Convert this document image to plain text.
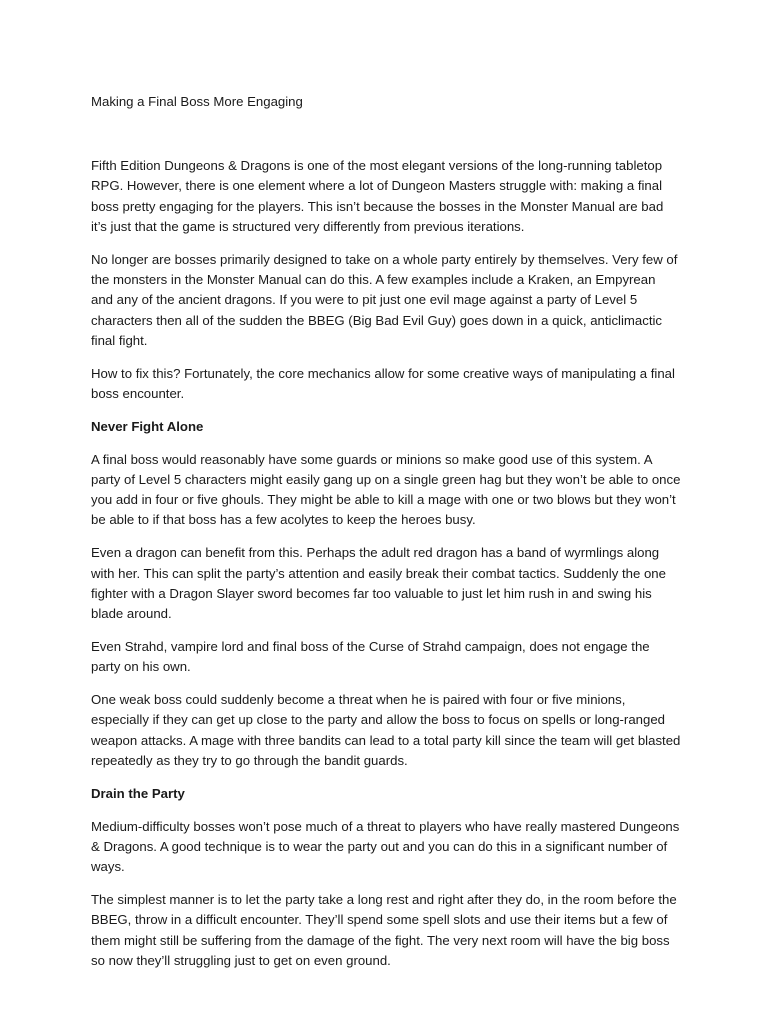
Making a Final Boss More Engaging

Fifth Edition Dungeons & Dragons is one of the most elegant versions of the long-running tabletop RPG. However, there is one element where a lot of Dungeon Masters struggle with: making a final boss pretty engaging for the players. This isn’t because the bosses in the Monster Manual are bad it’s just that the game is structured very differently from previous iterations.

No longer are bosses primarily designed to take on a whole party entirely by themselves. Very few of the monsters in the Monster Manual can do this. A few examples include a Kraken, an Empyrean and any of the ancient dragons. If you were to pit just one evil mage against a party of Level 5 characters then all of the sudden the BBEG (Big Bad Evil Guy) goes down in a quick, anticlimactic final fight.

How to fix this? Fortunately, the core mechanics allow for some creative ways of manipulating a final boss encounter.

Never Fight Alone

A final boss would reasonably have some guards or minions so make good use of this system. A party of Level 5 characters might easily gang up on a single green hag but they won’t be able to once you add in four or five ghouls. They might be able to kill a mage with one or two blows but they won’t be able to if that boss has a few acolytes to keep the heroes busy.

Even a dragon can benefit from this. Perhaps the adult red dragon has a band of wyrmlings along with her. This can split the party’s attention and easily break their combat tactics. Suddenly the one fighter with a Dragon Slayer sword becomes far too valuable to just let him rush in and swing his blade around.

Even Strahd, vampire lord and final boss of the Curse of Strahd campaign, does not engage the party on his own.

One weak boss could suddenly become a threat when he is paired with four or five minions, especially if they can get up close to the party and allow the boss to focus on spells or long-ranged weapon attacks. A mage with three bandits can lead to a total party kill since the team will get blasted repeatedly as they try to go through the bandit guards.

Drain the Party

Medium-difficulty bosses won’t pose much of a threat to players who have really mastered Dungeons & Dragons. A good technique is to wear the party out and you can do this in a significant number of ways.

The simplest manner is to let the party take a long rest and right after they do, in the room before the BBEG, throw in a difficult encounter. They’ll spend some spell slots and use their items but a few of them might still be suffering from the damage of the fight. The very next room will have the big boss so now they’ll struggling just to get on even ground.
